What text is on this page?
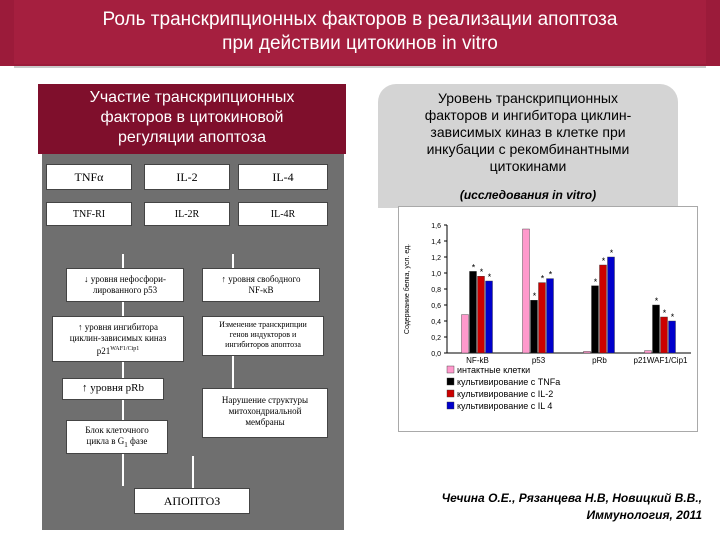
Роль транскрипционных факторов в реализации апоптоза
при действии цитокинов in vitro
Участие транскрипционных
факторов в цитокиновой
регуляции апоптоза
TNFα	IL-2	IL-4
TNF-RI	IL-2R	IL-4R
↓ уровня нефосфори-
лированного р53
↑ уровня свободного
NF-κB
↑ уровня ингибитора
циклин-зависимых киназ
$р21^{WAF1/Cip1}$
Изменение транскрипции
генов индукторов и
ингибиторов апоптоза
↑ уровня pRb
Нарушение структуры
митохондриальной
мембраны
Блок клеточного
цикла в $G_1$ фазе
АПОПТОЗ
Уровень транскрипционных
факторов и ингибитора циклин-
зависимых киназ в клетке при
инкубации с рекомбинантными
цитокинами
(исследования in vitro)
0,0
0,2
0,4
0,6
0,8
1,0
1,2
1,4
1,6
Содержание белка, усл. ед.	* * *
NF-kB
*
* *
p53
*
*
*
pRb
*
* *
p21WAF1/Cip1
интактные клетки
культивирование с TNFa
культивирование с IL-2
культивирование с IL 4
Чечина О.Е., Рязанцева Н.В, Новицкий В.В.,
Иммунология, 2011
